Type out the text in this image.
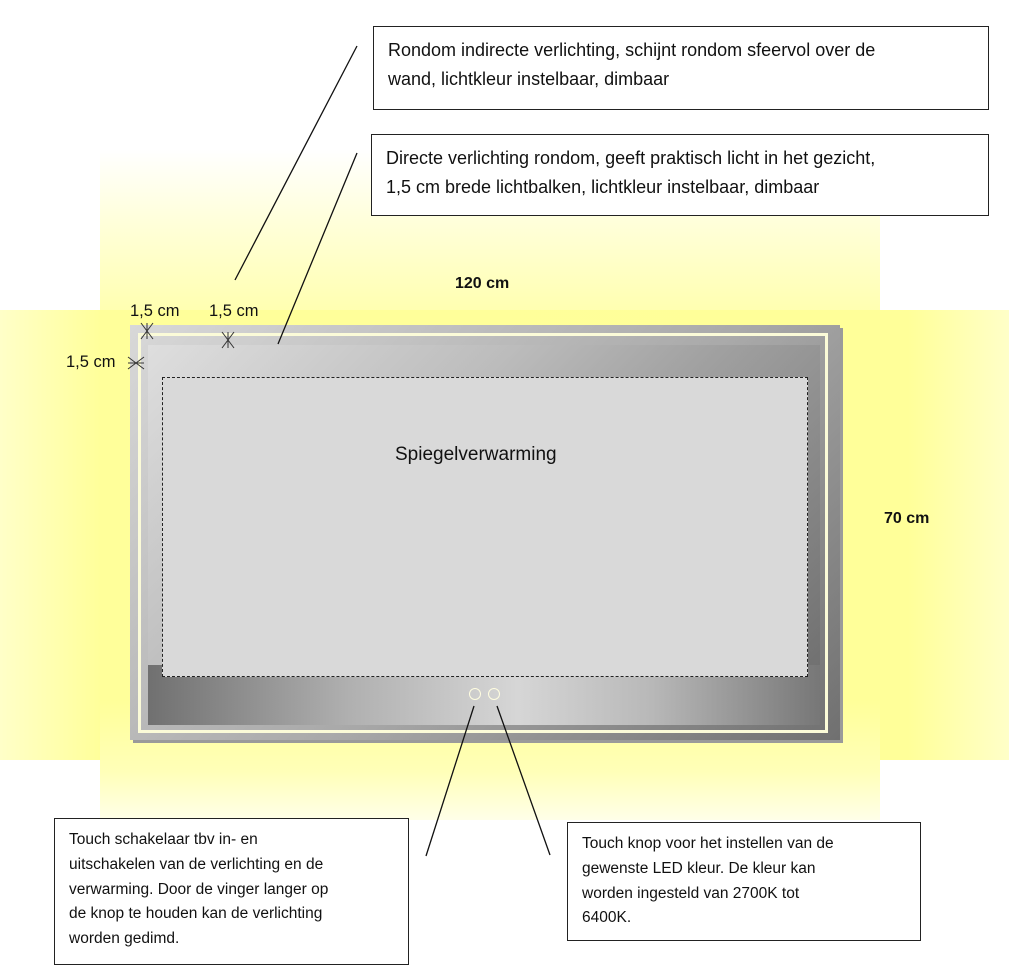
Spiegelverwarming
Rondom indirecte verlichting, schijnt rondom sfeervol over de
wand, lichtkleur instelbaar, dimbaar
Directe verlichting rondom, geeft praktisch licht in het gezicht,
1,5 cm brede lichtbalken, lichtkleur instelbaar, dimbaar
Touch schakelaar tbv in- en
uitschakelen van de verlichting en de
verwarming. Door de vinger langer op
de knop te houden kan de verlichting
worden gedimd.
Touch knop voor het instellen van de
gewenste LED kleur. De kleur kan
worden ingesteld van 2700K tot
6400K.
120 cm
70 cm
1,5 cm 1,5 cm
1,5 cm
